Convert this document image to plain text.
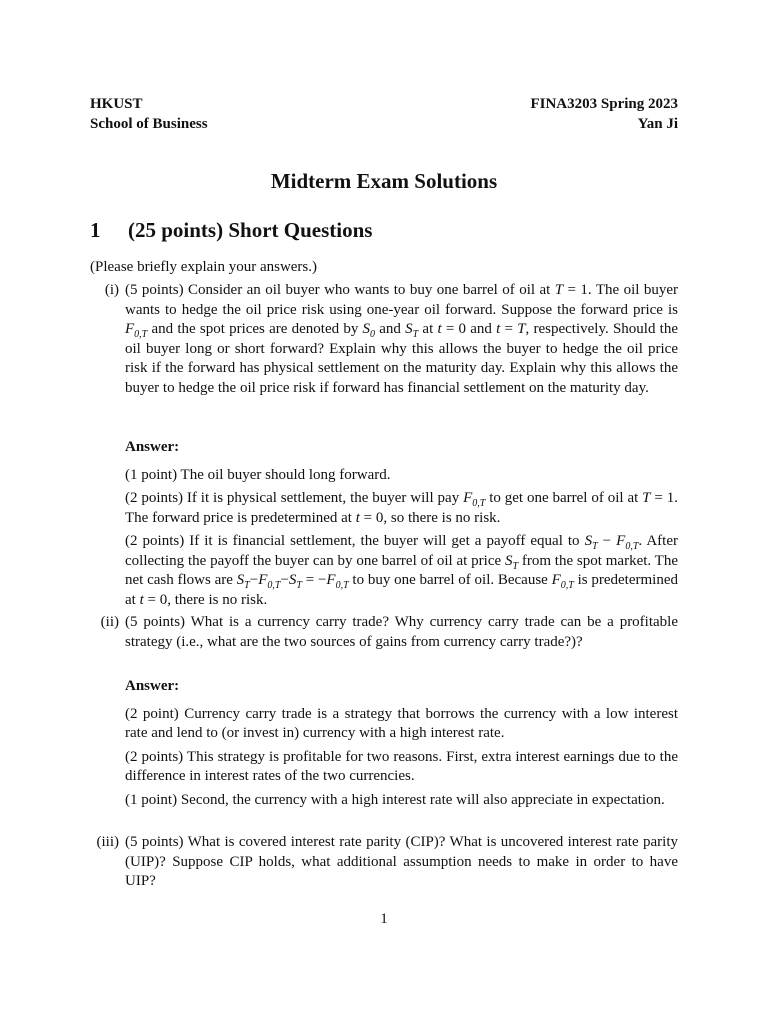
HKUST
School of Business
FINA3203 Spring 2023
Yan Ji
Midterm Exam Solutions
1 (25 points) Short Questions
(Please briefly explain your answers.)
(i) (5 points) Consider an oil buyer who wants to buy one barrel of oil at T = 1. The oil buyer wants to hedge the oil price risk using one-year oil forward. Suppose the forward price is $F_{0,T}$ and the spot prices are denoted by $S_0$ and $S_T$ at t = 0 and t = T, respectively. Should the oil buyer long or short forward? Explain why this allows the buyer to hedge the oil price risk if the forward has physical settlement on the maturity day. Explain why this allows the buyer to hedge the oil price risk if forward has financial settlement on the maturity day.

Answer:

(1 point) The oil buyer should long forward.

(2 points) If it is physical settlement, the buyer will pay $F_{0,T}$ to get one barrel of oil at T = 1. The forward price is predetermined at t = 0, so there is no risk.

(2 points) If it is financial settlement, the buyer will get a payoff equal to $S_T - F_{0,T}$. After collecting the payoff the buyer can by one barrel of oil at price $S_T$ from the spot market. The net cash flows are $S_T-F_{0,T}-S_T = -F_{0,T}$ to buy one barrel of oil. Because $F_{0,T}$ is predetermined at t = 0, there is no risk.

(ii) (5 points) What is a currency carry trade? Why currency carry trade can be a profitable strategy (i.e., what are the two sources of gains from currency carry trade?)?

Answer:

(2 point) Currency carry trade is a strategy that borrows the currency with a low interest rate and lend to (or invest in) currency with a high interest rate.

(2 points) This strategy is profitable for two reasons. First, extra interest earnings due to the difference in interest rates of the two currencies.

(1 point) Second, the currency with a high interest rate will also appreciate in expectation.

(iii) (5 points) What is covered interest rate parity (CIP)? What is uncovered interest rate parity (UIP)? Suppose CIP holds, what additional assumption needs to make in order to have UIP?
1
